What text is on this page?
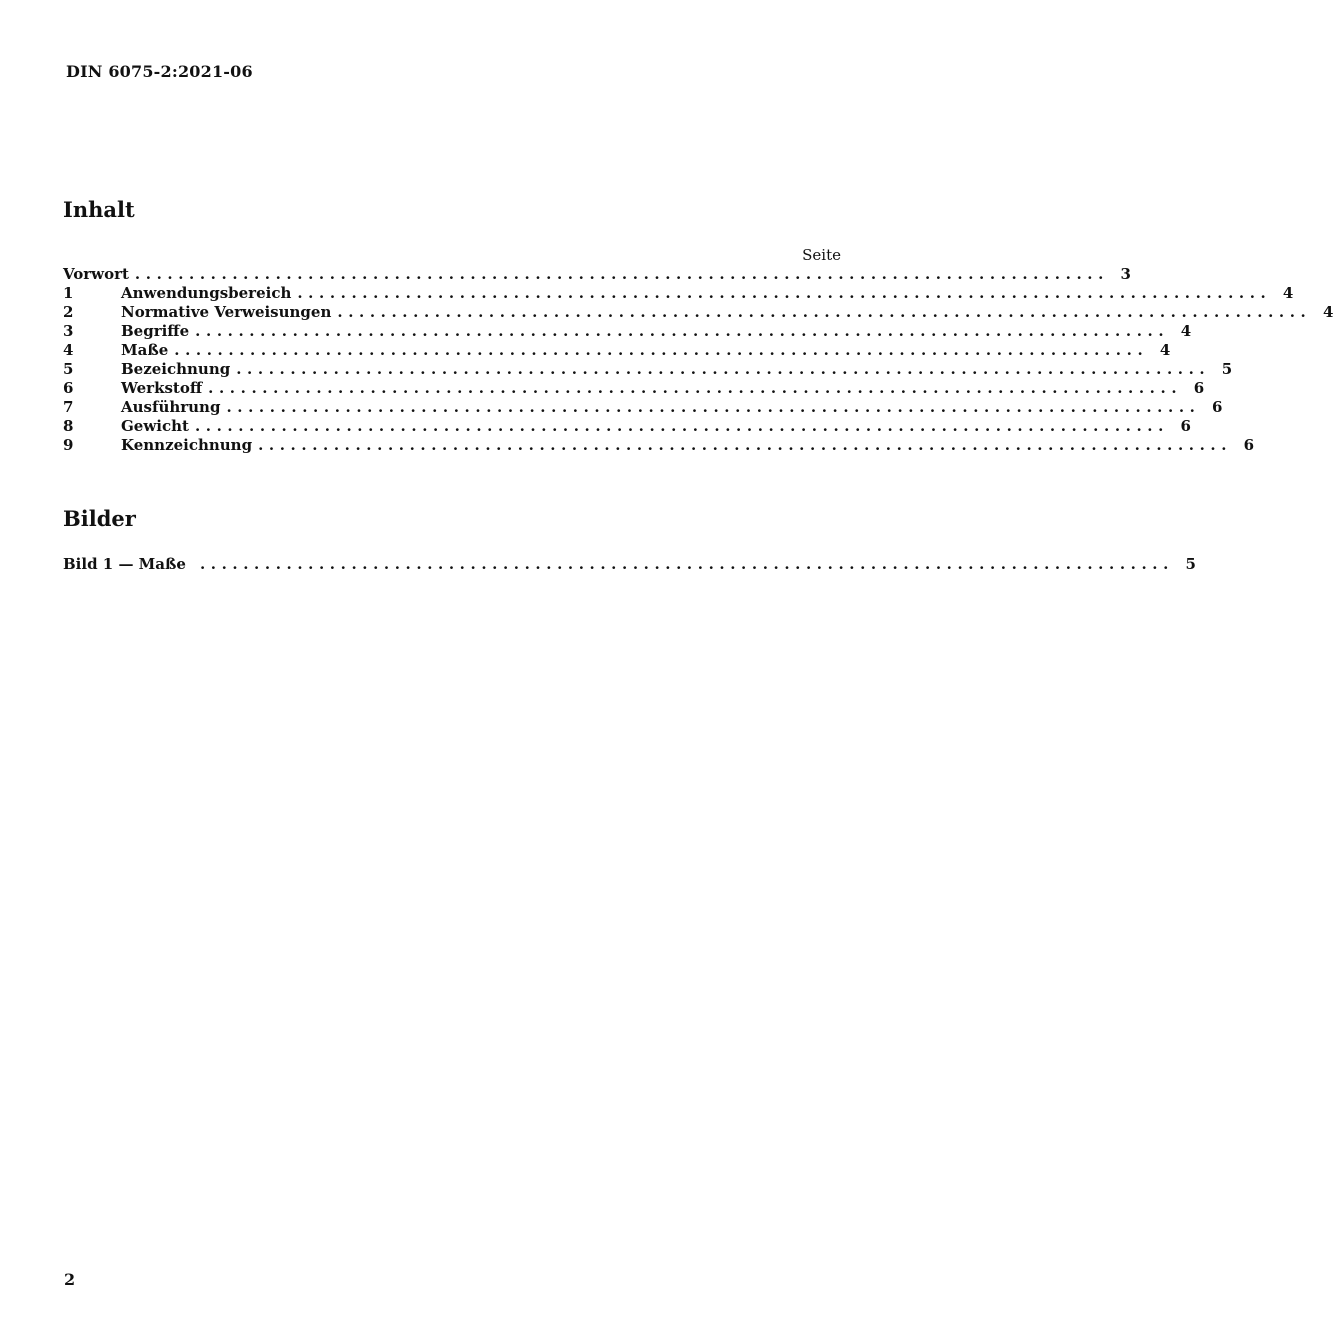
DIN 6075-2:2021-06
Inhalt
Seite
Vorwort .......................................................................................... 3
1	Anwendungsbereich .......................................................................................... 4
2	Normative Verweisungen .......................................................................................... 4
3	Begriffe .......................................................................................... 4
4	Maße .......................................................................................... 4
5	Bezeichnung .......................................................................................... 5
6	Werkstoff .......................................................................................... 6
7	Ausführung .......................................................................................... 6
8	Gewicht .......................................................................................... 6
9	Kennzeichnung .......................................................................................... 6
Bilder
Bild 1 — Maße .......................................................................................... 5
2
